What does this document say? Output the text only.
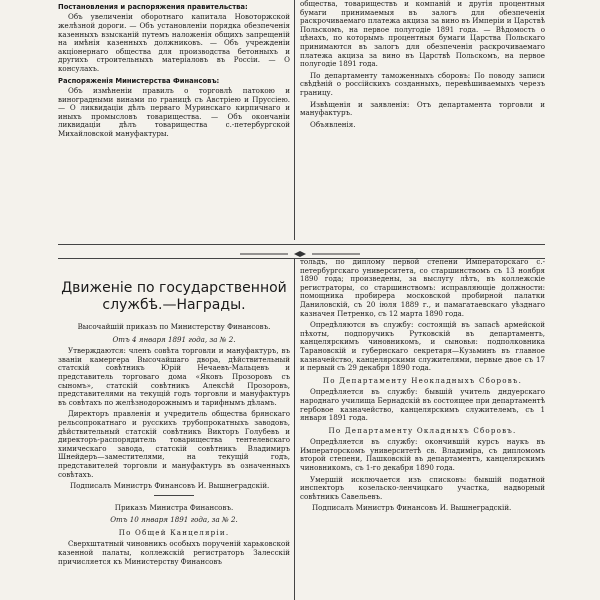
Постановления и распоряжения правительства:

Объ увеличеніи оборотнаго капитала Новоторжской желѣзной дороги. — Объ установленіи порядка обезпеченія казенныхъ взысканій путемъ наложенія общихъ запрещеній на имѣнія казенныхъ должниковъ. — Объ учрежденіи акціонернаго общества для производства бетонныхъ и другихъ строительныхъ матеріаловъ въ Россіи. — О консулахъ.

Распоряженія Министерства Финансовъ:

Объ измѣненіи правилъ о торговлѣ патокою и виноградными винами по границѣ съ Австріею и Пруссіею. — О ликвидаціи дѣлъ перваго Муринскаго кирпичнаго и иныхъ промысловъ товарищества. — Объ окончаніи ликвидаціи дѣлъ товарищества с.-петербургской Михайловской мануфактуры.

общества, товариществъ и компаній и другія процентныя бумаги принимаемыя въ залогъ для обезпеченія раскрочиваемаго платежа акциза за вино въ Имперіи и Царствѣ Польскомъ, на первое полугодіе 1891 года. — Вѣдомость о цѣнахъ, по которымъ процентныя бумаги Царства Польскаго принимаются въ залогъ для обезпеченія раскрочиваемаго платежа акциза за вино въ Царствѣ Польскомъ, на первое полугодіе 1891 года.

По департаменту таможенныхъ сборовъ: По поводу записи свѣдѣній о россійскихъ созданныхъ, перевѣшиваемыхъ черезъ границу.

Извѣщенія и заявленія: Отъ департамента торговли и мануфактуръ.

Объявленія.

Движеніе по государственной службѣ.—Награды.
Высочайшій приказъ по Министерству Финансовъ.
Отъ 4 января 1891 года, за № 2.

Утверждаются: членъ совѣта торговли и мануфактуръ, въ званіи камергера Высочайшаго двора, дѣйствительный статскій совѣтникъ Юрій Нечаевъ-Мальцевъ и представитель торговаго дома «Яковъ Прозоровъ съ сыномъ», статскій совѣтникъ Алексѣй Прозоровъ, представителями на текущій годъ торговли и мануфактуръ въ совѣтахъ по желѣзнодорожнымъ и тарифнымъ дѣламъ.

Директоръ правленія и учредитель общества брянскаго рельсопрокатнаго и русскихъ трубопрокатныхъ заводовъ, дѣйствительный статскій совѣтникъ Викторъ Голубевъ и директоръ-распорядитель товарищества тентелевскаго химическаго завода, статскій совѣтникъ Владимиръ Шнейдеръ—заместителями, на текущій годъ, представителей торговли и мануфактуръ въ означенныхъ совѣтахъ.

Подписалъ Министръ Финансовъ И. Вышнеградскій.
Приказъ Министра Финансовъ.
Отъ 10 января 1891 года, за № 2.
По Общей Канцеляріи.

Сверхштатный чиновникъ особыхъ порученій харьковской казенной палаты, коллежскій регистраторъ Залесскій причисляется къ Министерству Финансовъ

тольдъ, по диплому первой степени Императорскаго с.-петербургскаго университета, со старшинствомъ съ 13 ноября 1890 года; произведены, за выслугу лѣтъ, въ коллежскіе регистраторы, со старшинствомъ: исправляющіе должности: помощника пробирера московской пробирной палатки Даниловскій, съ 20 іюля 1889 г., и памагатаевскаго уѣзднаго казначея Петренко, съ 12 марта 1890 года.

Опредѣляются въ службу: состоящій въ запасѣ армейской пѣхоты, подпоручикъ Рутковскій въ департаментъ, канцелярскимъ чиновникомъ, и сыновья: подполковника Тарановскій и губернскаго секретаря—Кузьминъ въ главное казначейство, канцелярскими служителями, первые двое съ 17 и первый съ 29 декабря 1890 года.

По Департаменту Неокладныхъ Сборовъ.

Опредѣляется въ службу: бывшій учитель дндуерскаго народнаго училища Бернадскій въ состоящее при департаментѣ гербовое казначейство, канцелярскимъ служителемъ, съ 1 января 1891 года.

По Департаменту Окладныхъ Сборовъ.

Опредѣляется въ службу: окончившій курсъ наукъ въ Императорскомъ университетѣ св. Владиміра, съ дипломомъ второй степени, Пашковскій въ департаментъ, канцелярскимъ чиновникомъ, съ 1-го декабря 1890 года.

Умершій исключается изъ списковъ: бывшій податной инспекторъ козельско-ленчицкаго участка, надворный совѣтникъ Савельевъ.

Подписалъ Министръ Финансовъ И. Вышнеградскій.
